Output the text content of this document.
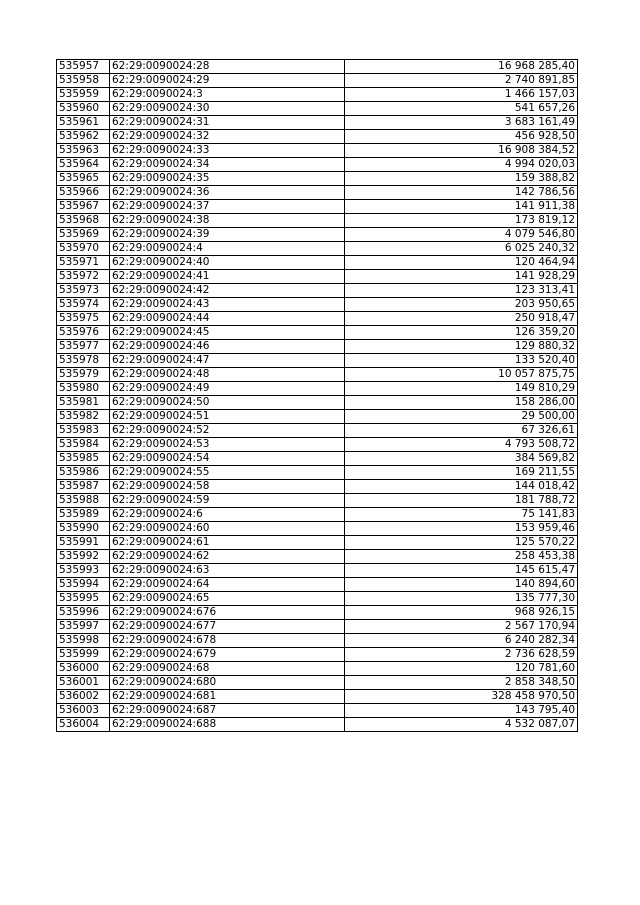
535957	62:29:0090024:28	16 968 285,40
535958	62:29:0090024:29	2 740 891,85
535959	62:29:0090024:3	1 466 157,03
535960	62:29:0090024:30	541 657,26
535961	62:29:0090024:31	3 683 161,49
535962	62:29:0090024:32	456 928,50
535963	62:29:0090024:33	16 908 384,52
535964	62:29:0090024:34	4 994 020,03
535965	62:29:0090024:35	159 388,82
535966	62:29:0090024:36	142 786,56
535967	62:29:0090024:37	141 911,38
535968	62:29:0090024:38	173 819,12
535969	62:29:0090024:39	4 079 546,80
535970	62:29:0090024:4	6 025 240,32
535971	62:29:0090024:40	120 464,94
535972	62:29:0090024:41	141 928,29
535973	62:29:0090024:42	123 313,41
535974	62:29:0090024:43	203 950,65
535975	62:29:0090024:44	250 918,47
535976	62:29:0090024:45	126 359,20
535977	62:29:0090024:46	129 880,32
535978	62:29:0090024:47	133 520,40
535979	62:29:0090024:48	10 057 875,75
535980	62:29:0090024:49	149 810,29
535981	62:29:0090024:50	158 286,00
535982	62:29:0090024:51	29 500,00
535983	62:29:0090024:52	67 326,61
535984	62:29:0090024:53	4 793 508,72
535985	62:29:0090024:54	384 569,82
535986	62:29:0090024:55	169 211,55
535987	62:29:0090024:58	144 018,42
535988	62:29:0090024:59	181 788,72
535989	62:29:0090024:6	75 141,83
535990	62:29:0090024:60	153 959,46
535991	62:29:0090024:61	125 570,22
535992	62:29:0090024:62	258 453,38
535993	62:29:0090024:63	145 615,47
535994	62:29:0090024:64	140 894,60
535995	62:29:0090024:65	135 777,30
535996	62:29:0090024:676	968 926,15
535997	62:29:0090024:677	2 567 170,94
535998	62:29:0090024:678	6 240 282,34
535999	62:29:0090024:679	2 736 628,59
536000	62:29:0090024:68	120 781,60
536001	62:29:0090024:680	2 858 348,50
536002	62:29:0090024:681	328 458 970,50
536003	62:29:0090024:687	143 795,40
536004	62:29:0090024:688	4 532 087,07
